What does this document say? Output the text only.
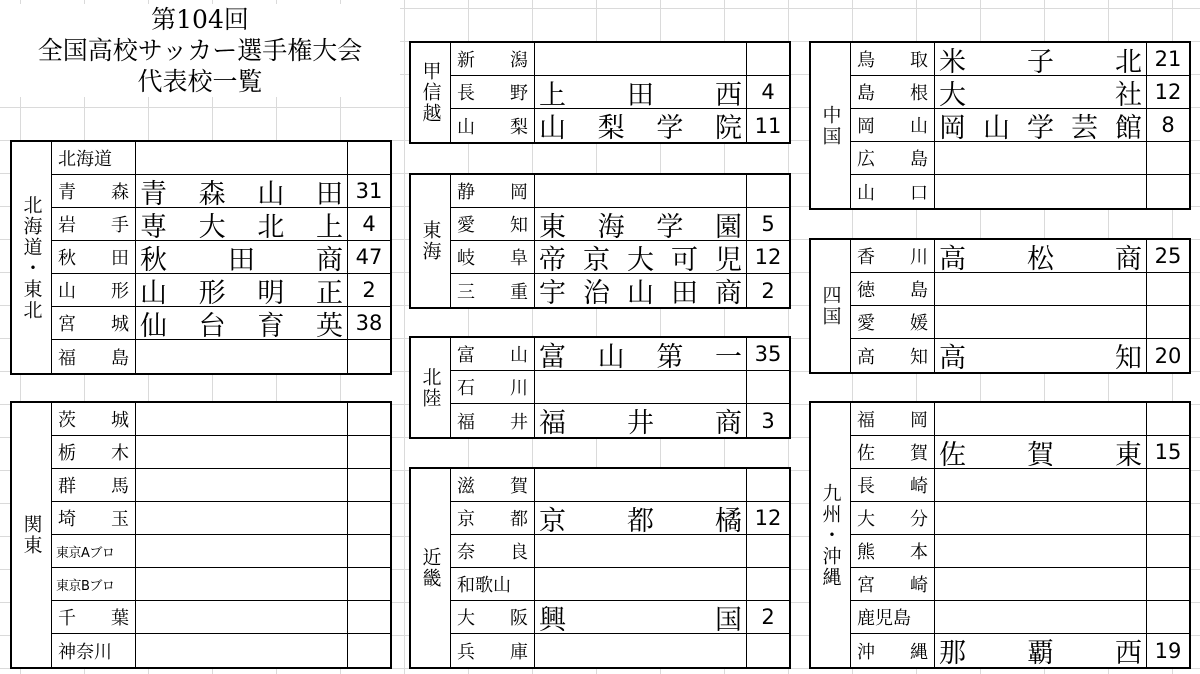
第104回
全国高校サッカー選手権大会
代表校一覧
北海道・東北
北海道
青 森 青 森 山 田 31
岩 手 専 大 北 上 4
秋 田 秋 田 商 47
山 形 山 形 明 正 2
宮 城 仙 台 育 英 38
福 島
関東
茨 城
栃 木
群 馬
埼 玉
東京Aブロ
東京Bブロ
千 葉
神奈川
甲信越
新 潟
長 野 上 田 西 4
山 梨 山 梨 学 院 11
東海
静 岡
愛 知 東 海 学 園 5
岐 阜 帝 京 大 可 児 12
三 重 宇 治 山 田 商 2
北陸
富 山 富 山 第 一 35
石 川
福 井 福 井 商 3
近畿
滋 賀
京 都 京 都 橘 12
奈 良
和歌山
大 阪 興	国 2
兵 庫
中国
鳥 取 米 子 北 21
島 根 大	社 12
岡 山 岡 山 学 芸 館 8
広 島
山 口
四国
香 川 高 松 商 25
徳 島
愛 媛
高 知 高	知 20
九州・沖縄
福 岡
佐 賀 佐 賀 東 15
長 崎
大 分
熊 本
宮 崎
鹿児島
沖 縄 那 覇 西 19
